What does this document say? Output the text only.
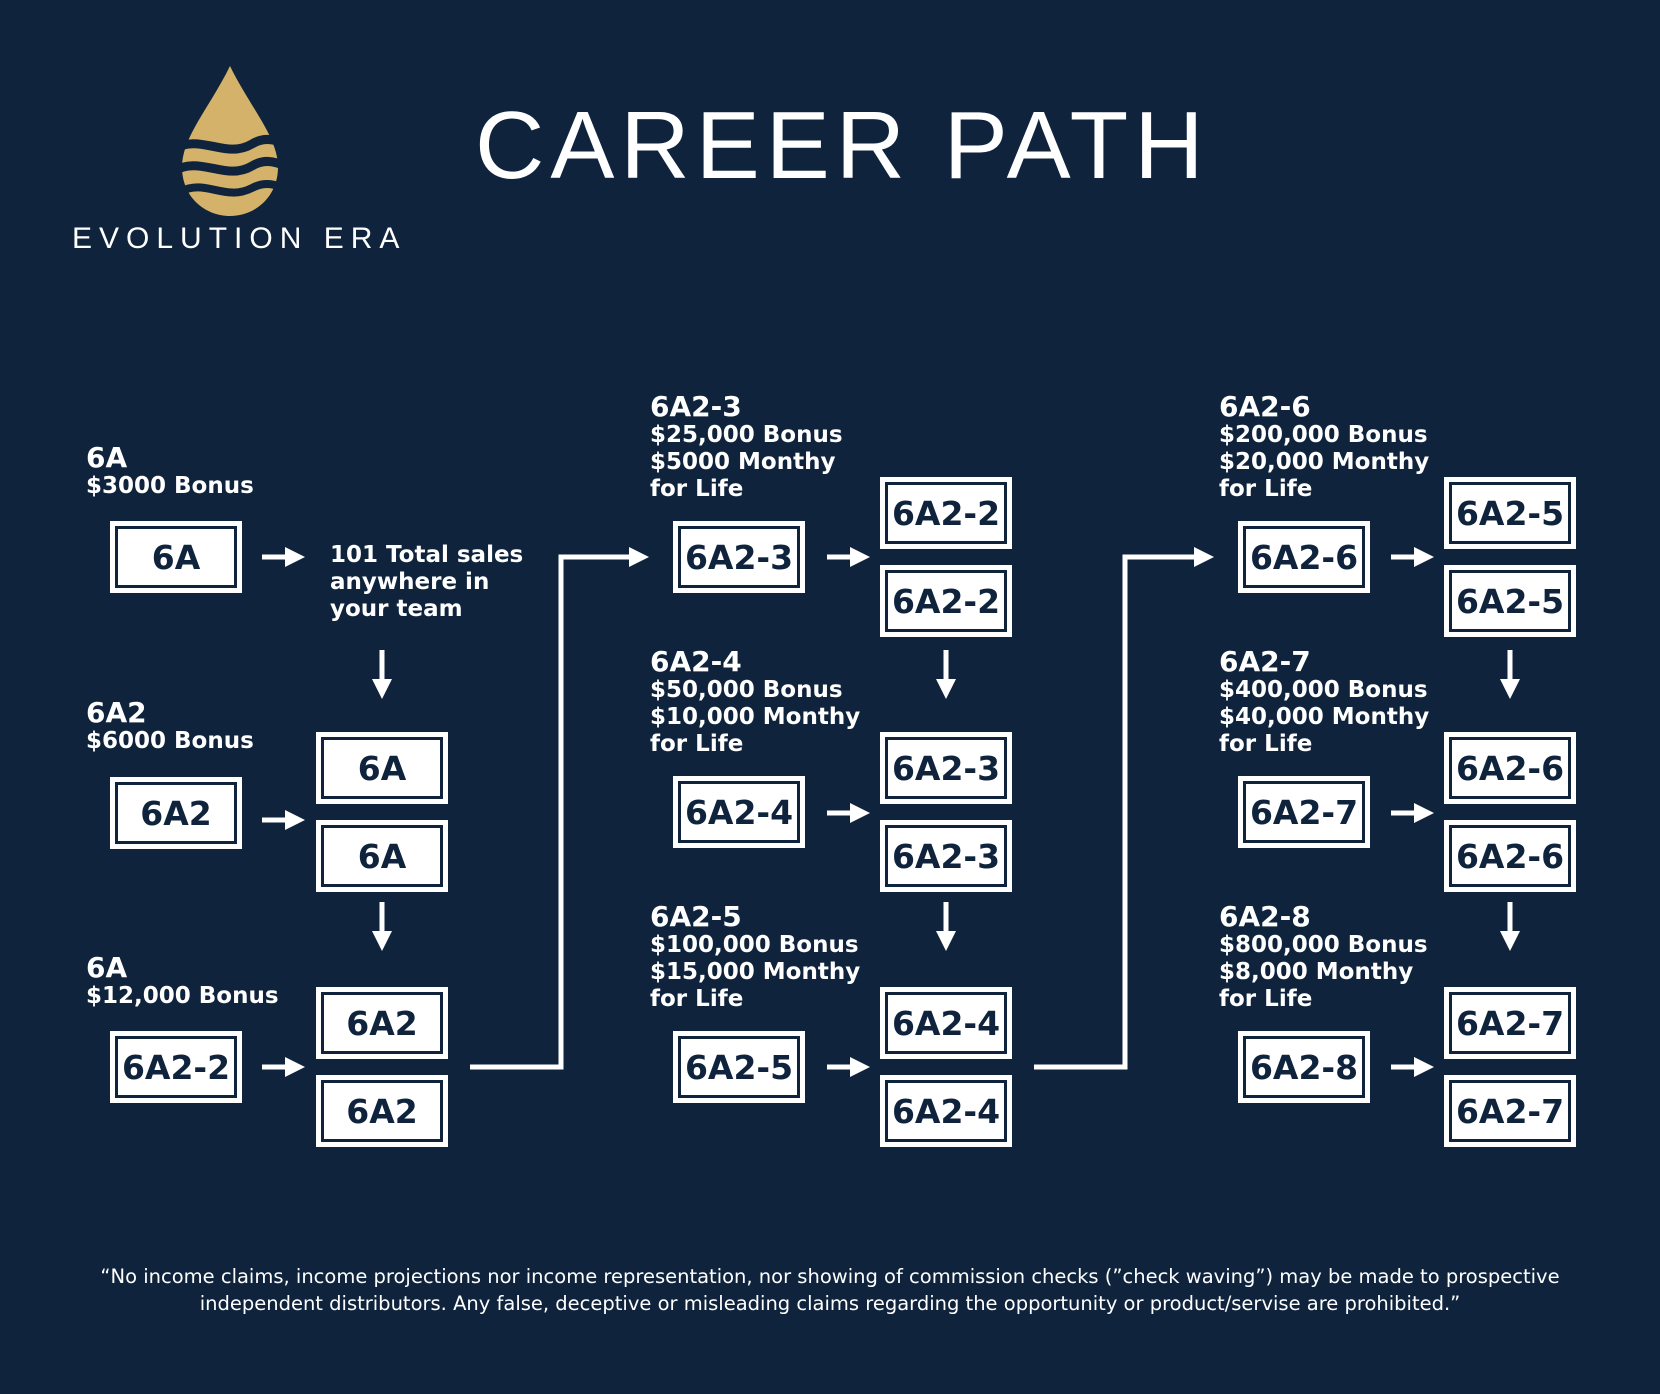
EVOLUTION ERA
CAREER PATH
6A
$3000 Bonus
6A	101 Total sales anywhere in your team
6A2
$6000 Bonus
6A2
6A
6A
6A
$12,000 Bonus
6A2-2
6A2
6A2
6A2-3
$25,000 Bonus
$5000 Monthy
for Life
6A2-3
6A2-2
6A2-2
6A2-4
$50,000 Bonus
$10,000 Monthy
for Life
6A2-4
6A2-3
6A2-3
6A2-5
$100,000 Bonus
$15,000 Monthy
for Life
6A2-5
6A2-4
6A2-4
6A2-6
$200,000 Bonus
$20,000 Monthy
for Life
6A2-6
6A2-5
6A2-5
6A2-7
$400,000 Bonus
$40,000 Monthy
for Life
6A2-7
6A2-6
6A2-6
6A2-8
$800,000 Bonus
$8,000 Monthy
for Life
6A2-8
6A2-7
6A2-7
“No income claims, income projections nor income representation, nor showing of commission checks (”check waving”) may be made to prospective independent distributors. Any false, deceptive or misleading claims regarding the opportunity or product/servise are prohibited.”
